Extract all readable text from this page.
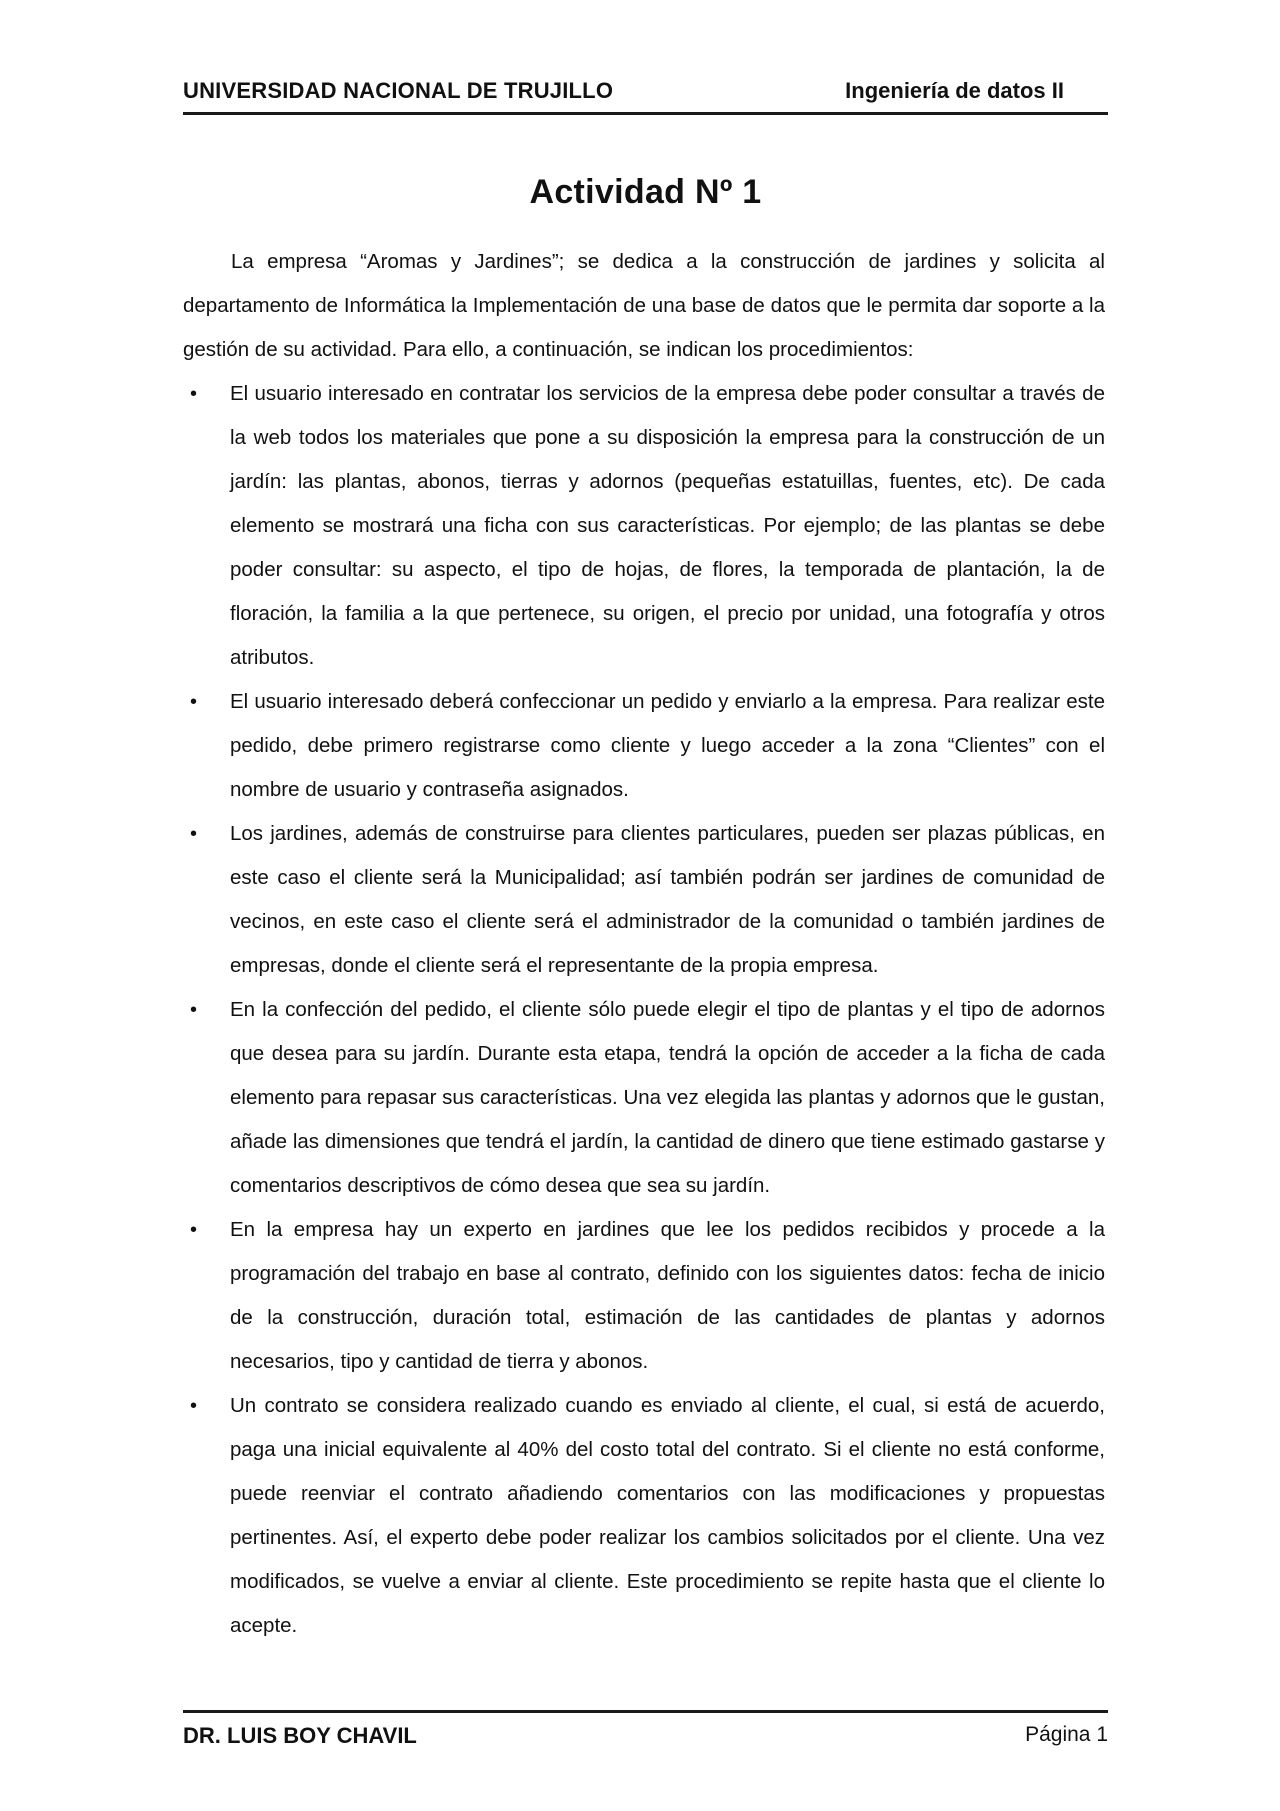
UNIVERSIDAD NACIONAL DE TRUJILLO	Ingeniería de datos II
Actividad Nº 1

La empresa “Aromas y Jardines”; se dedica a la construcción de jardines y solicita al departamento de Informática la Implementación de una base de datos que le permita dar soporte a la gestión de su actividad. Para ello, a continuación, se indican los procedimientos:

• El usuario interesado en contratar los servicios de la empresa debe poder consultar a través de la web todos los materiales que pone a su disposición la empresa para la construcción de un jardín: las plantas, abonos, tierras y adornos (pequeñas estatuillas, fuentes, etc). De cada elemento se mostrará una ficha con sus características. Por ejemplo; de las plantas se debe poder consultar: su aspecto, el tipo de hojas, de flores, la temporada de plantación, la de floración, la familia a la que pertenece, su origen, el precio por unidad, una fotografía y otros atributos.
• El usuario interesado deberá confeccionar un pedido y enviarlo a la empresa. Para realizar este pedido, debe primero registrarse como cliente y luego acceder a la zona “Clientes” con el nombre de usuario y contraseña asignados.
• Los jardines, además de construirse para clientes particulares, pueden ser plazas públicas, en este caso el cliente será la Municipalidad; así también podrán ser jardines de comunidad de vecinos, en este caso el cliente será el administrador de la comunidad o también jardines de empresas, donde el cliente será el representante de la propia empresa.
• En la confección del pedido, el cliente sólo puede elegir el tipo de plantas y el tipo de adornos que desea para su jardín. Durante esta etapa, tendrá la opción de acceder a la ficha de cada elemento para repasar sus características. Una vez elegida las plantas y adornos que le gustan, añade las dimensiones que tendrá el jardín, la cantidad de dinero que tiene estimado gastarse y comentarios descriptivos de cómo desea que sea su jardín.
• En la empresa hay un experto en jardines que lee los pedidos recibidos y procede a la programación del trabajo en base al contrato, definido con los siguientes datos: fecha de inicio de la construcción, duración total, estimación de las cantidades de plantas y adornos necesarios, tipo y cantidad de tierra y abonos.
• Un contrato se considera realizado cuando es enviado al cliente, el cual, si está de acuerdo, paga una inicial equivalente al 40% del costo total del contrato. Si el cliente no está conforme, puede reenviar el contrato añadiendo comentarios con las modificaciones y propuestas pertinentes. Así, el experto debe poder realizar los cambios solicitados por el cliente. Una vez modificados, se vuelve a enviar al cliente. Este procedimiento se repite hasta que el cliente lo acepte.
DR. LUIS BOY CHAVIL	Página 1
